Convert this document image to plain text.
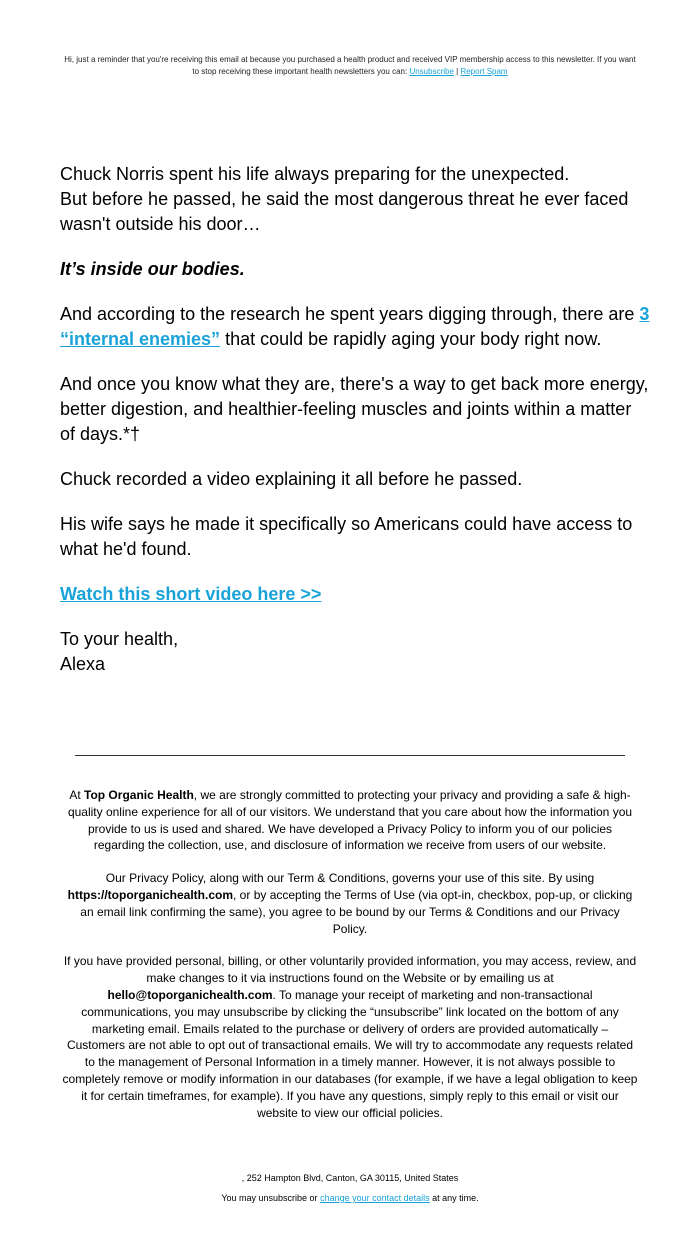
Hi, just a reminder that you're receiving this email at because you purchased a health product and received VIP membership access to this newsletter. If you want to stop receiving these important health newsletters you can: Unsubscribe | Report Spam

Chuck Norris spent his life always preparing for the unexpected.
But before he passed, he said the most dangerous threat he ever faced wasn't outside his door…

It’s inside our bodies.

And according to the research he spent years digging through, there are 3 “internal enemies” that could be rapidly aging your body right now.

And once you know what they are, there's a way to get back more energy, better digestion, and healthier-feeling muscles and joints within a matter of days.*†

Chuck recorded a video explaining it all before he passed.

His wife says he made it specifically so Americans could have access to what he'd found.

Watch this short video here >>

To your health,
Alexa

At Top Organic Health, we are strongly committed to protecting your privacy and providing a safe & high-quality online experience for all of our visitors. We understand that you care about how the information you provide to us is used and shared. We have developed a Privacy Policy to inform you of our policies regarding the collection, use, and disclosure of information we receive from users of our website.

Our Privacy Policy, along with our Term & Conditions, governs your use of this site. By using https://toporganichealth.com, or by accepting the Terms of Use (via opt-in, checkbox, pop-up, or clicking an email link confirming the same), you agree to be bound by our Terms & Conditions and our Privacy Policy.

If you have provided personal, billing, or other voluntarily provided information, you may access, review, and make changes to it via instructions found on the Website or by emailing us at hello@toporganichealth.com. To manage your receipt of marketing and non-transactional communications, you may unsubscribe by clicking the “unsubscribe” link located on the bottom of any marketing email. Emails related to the purchase or delivery of orders are provided automatically – Customers are not able to opt out of transactional emails. We will try to accommodate any requests related to the management of Personal Information in a timely manner. However, it is not always possible to completely remove or modify information in our databases (for example, if we have a legal obligation to keep it for certain timeframes, for example). If you have any questions, simply reply to this email or visit our website to view our official policies.

, 252 Hampton Blvd, Canton, GA 30115, United States
You may unsubscribe or change your contact details at any time.
